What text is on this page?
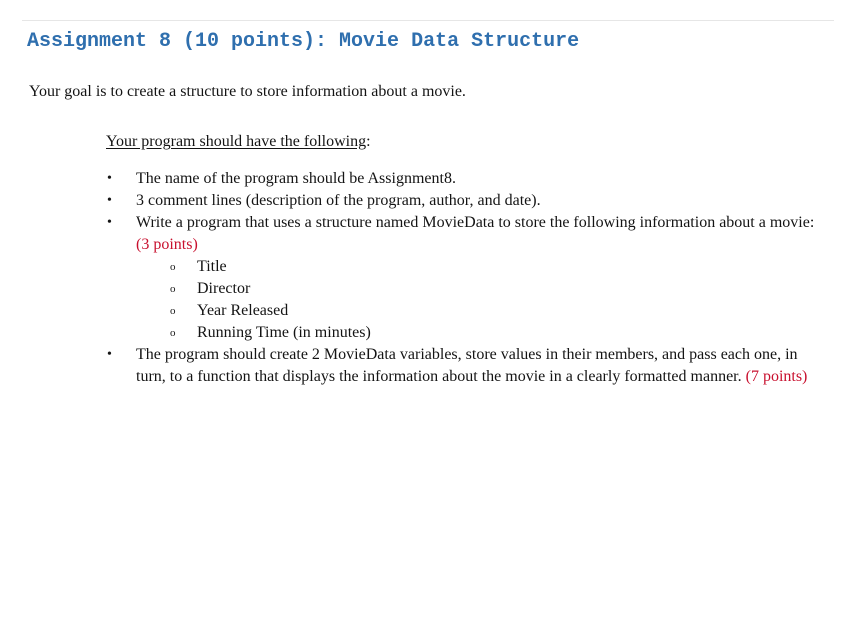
Assignment 8 (10 points): Movie Data Structure

Your goal is to create a structure to store information about a movie.

Your program should have the following:

• The name of the program should be Assignment8.
• 3 comment lines (description of the program, author, and date).
• Write a program that uses a structure named MovieData to store the following information about a movie: (3 points)
o Title
o Director
o Year Released
o Running Time (in minutes)
• The program should create 2 MovieData variables, store values in their members, and pass each one, in turn, to a function that displays the information about the movie in a clearly formatted manner. (7 points)
